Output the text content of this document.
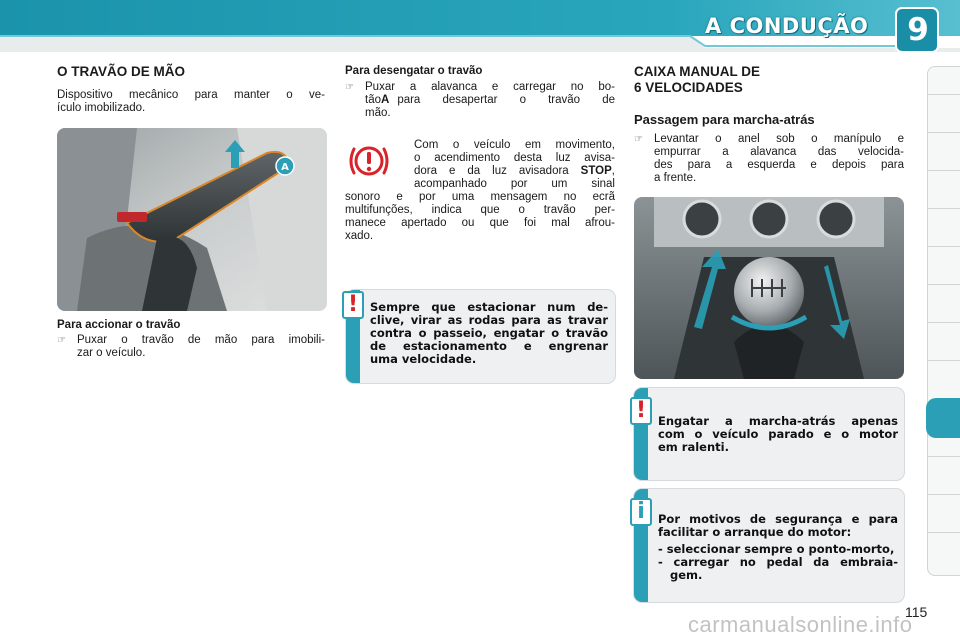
A CONDUÇÃO 9
O TRAVÃO DE MÃO
Dispositivo mecânico para manter o ve-
ículo imobilizado.
A
Para accionar o travão
☞ Puxar o travão de mão para imobili-
zar o veículo.
Para desengatar o travão
☞ Puxar a alavanca e carregar no bo-
tão A para desapertar o travão de
mão.
Com o veículo em movimento,
o acendimento desta luz avisa-
dora e da luz avisadora STOP,
acompanhado por um sinal
sonoro e por uma mensagem no ecrã
multifunções, indica que o travão per-
manece apertado ou que foi mal afrou-
xado.
!	Sempre que estacionar num de-
clive, virar as rodas para as travar
contra o passeio, engatar o travão
de estacionamento e engrenar
uma velocidade.
CAIXA MANUAL DE
6 VELOCIDADES
Passagem para marcha-atrás
☞ Levantar o anel sob o manípulo e
empurrar a alavanca das velocida-
des para a esquerda e depois para
a frente.
!	Engatar a marcha-atrás apenas
com o veículo parado e o motor
em ralenti.
i	Por motivos de segurança e para
facilitar o arranque do motor:
- seleccionar sempre o ponto-morto,
- carregar no pedal da embraia-
gem.
115
carmanualsonline.info
